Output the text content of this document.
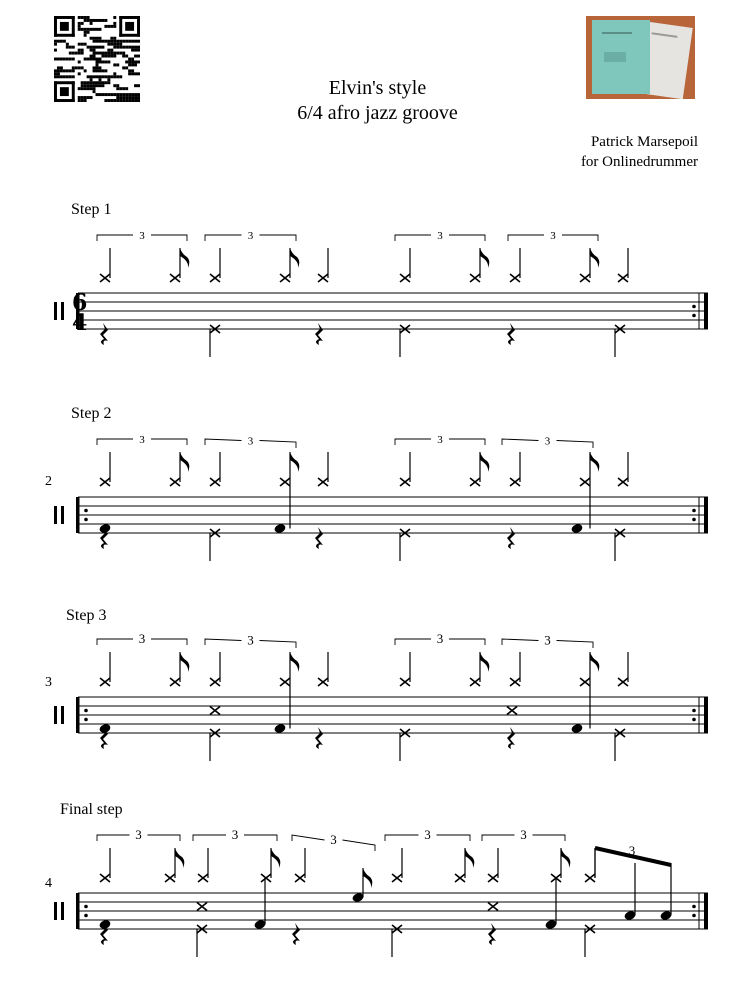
Elvin's style
6/4 afro jazz groove
Patrick Marsepoil
for Onlinedrummer
Step 1
Step 2
Step 3
Final step
2
3
4
6
4
3	3	3	3
3	3	3	3
3	3	3	3
3	3	3	3	3
3
